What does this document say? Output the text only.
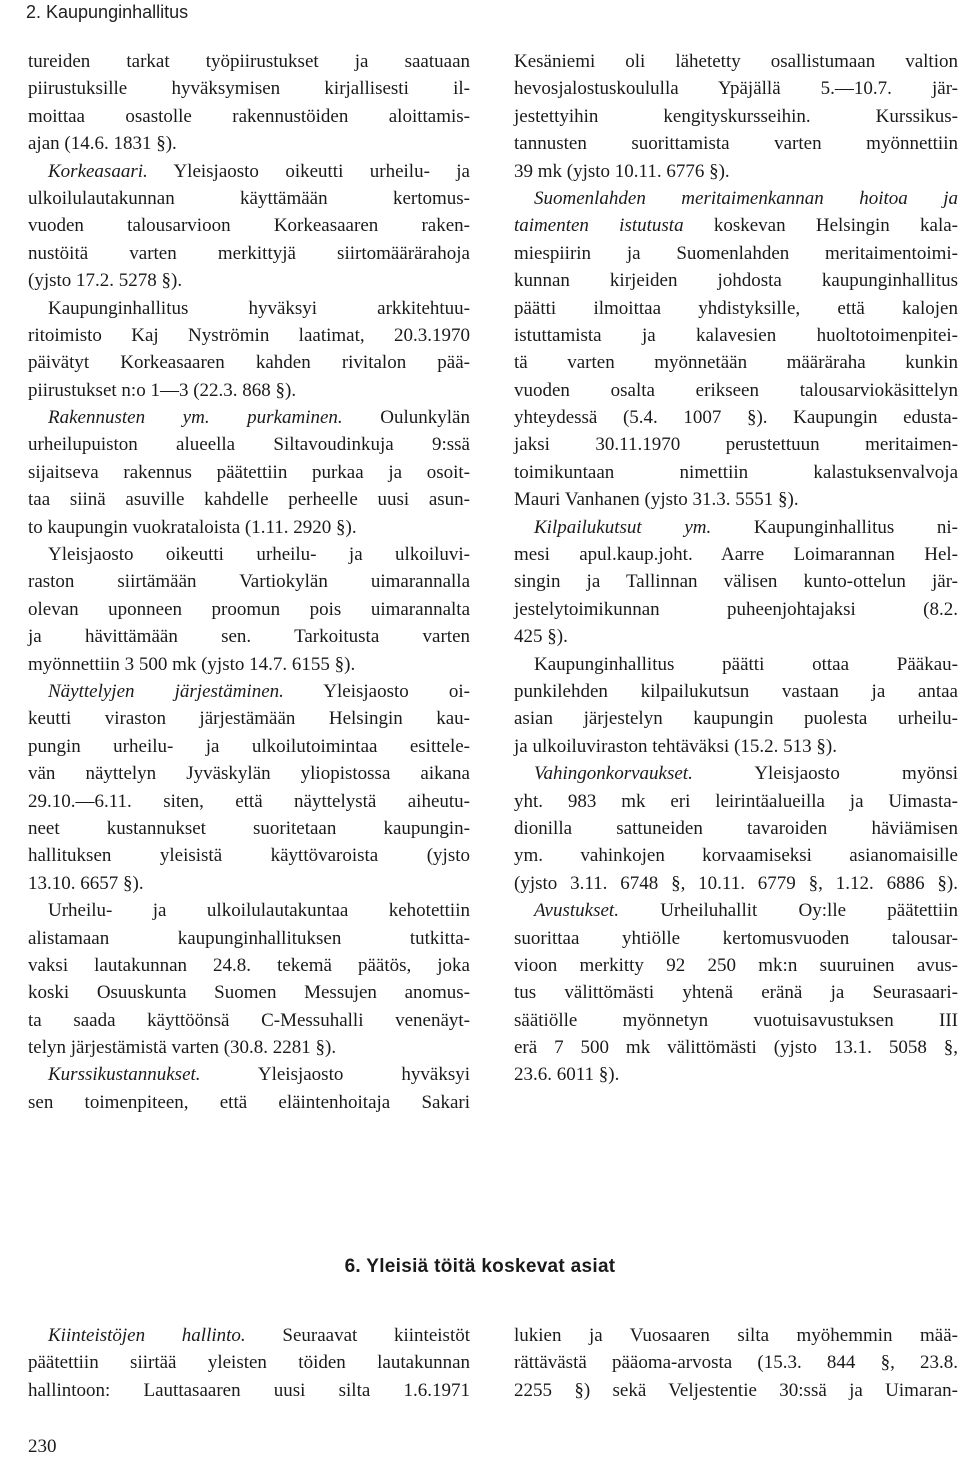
2. Kaupunginhallitus
tureiden tarkat työpiirustukset ja saatuaan
piirustuksille hyväksymisen kirjallisesti il-
moittaa osastolle rakennustöiden aloittamis-
ajan (14.6. 1831 §).
Korkeasaari. Yleisjaosto oikeutti urheilu- ja
ulkoilulautakunnan käyttämään kertomus-
vuoden talousarvioon Korkeasaaren raken-
nustöitä varten merkittyjä siirtomäärärahoja
(yjsto 17.2. 5278 §).
Kaupunginhallitus hyväksyi arkkitehtuu-
ritoimisto Kaj Nyströmin laatimat, 20.3.1970
päivätyt Korkeasaaren kahden rivitalon pää-
piirustukset n:o 1—3 (22.3. 868 §).
Rakennusten ym. purkaminen. Oulunkylän
urheilupuiston alueella Siltavoudinkuja 9:ssä
sijaitseva rakennus päätettiin purkaa ja osoit-
taa siinä asuville kahdelle perheelle uusi asun-
to kaupungin vuokrataloista (1.11. 2920 §).
Yleisjaosto oikeutti urheilu- ja ulkoiluvi-
raston siirtämään Vartiokylän uimarannalla
olevan uponneen proomun pois uimarannalta
ja hävittämään sen. Tarkoitusta varten
myönnettiin 3 500 mk (yjsto 14.7. 6155 §).
Näyttelyjen järjestäminen. Yleisjaosto oi-
keutti viraston järjestämään Helsingin kau-
pungin urheilu- ja ulkoilutoimintaa esittele-
vän näyttelyn Jyväskylän yliopistossa aikana
29.10.—6.11. siten, että näyttelystä aiheutu-
neet kustannukset suoritetaan kaupungin-
hallituksen yleisistä käyttövaroista (yjsto
13.10. 6657 §).
Urheilu- ja ulkoilulautakuntaa kehotettiin
alistamaan kaupunginhallituksen tutkitta-
vaksi lautakunnan 24.8. tekemä päätös, joka
koski Osuuskunta Suomen Messujen anomus-
ta saada käyttöönsä C-Messuhalli venenäyt-
telyn järjestämistä varten (30.8. 2281 §).
Kurssikustannukset. Yleisjaosto hyväksyi
sen toimenpiteen, että eläintenhoitaja Sakari
Kesäniemi oli lähetetty osallistumaan valtion
hevosjalostuskoululla Ypäjällä 5.—10.7. jär-
jestettyihin kengityskursseihin. Kurssikus-
tannusten suorittamista varten myönnettiin
39 mk (yjsto 10.11. 6776 §).
Suomenlahden meritaimenkannan hoitoa ja
taimenten istutusta koskevan Helsingin kala-
miespiirin ja Suomenlahden meritaimentoimi-
kunnan kirjeiden johdosta kaupunginhallitus
päätti ilmoittaa yhdistyksille, että kalojen
istuttamista ja kalavesien huoltotoimenpitei-
tä varten myönnetään määräraha kunkin
vuoden osalta erikseen talousarviokäsittelyn
yhteydessä (5.4. 1007 §). Kaupungin edusta-
jaksi 30.11.1970 perustettuun meritaimen-
toimikuntaan nimettiin kalastuksenvalvoja
Mauri Vanhanen (yjsto 31.3. 5551 §).
Kilpailukutsut ym. Kaupunginhallitus ni-
mesi apul.kaup.joht. Aarre Loimarannan Hel-
singin ja Tallinnan välisen kunto-ottelun jär-
jestelytoimikunnan puheenjohtajaksi (8.2.
425 §).
Kaupunginhallitus päätti ottaa Pääkau-
punkilehden kilpailukutsun vastaan ja antaa
asian järjestelyn kaupungin puolesta urheilu-
ja ulkoiluviraston tehtäväksi (15.2. 513 §).
Vahingonkorvaukset. Yleisjaosto myönsi
yht. 983 mk eri leirintäalueilla ja Uimasta-
dionilla sattuneiden tavaroiden häviämisen
ym. vahinkojen korvaamiseksi asianomaisille
(yjsto 3.11. 6748 §, 10.11. 6779 §, 1.12. 6886 §).
Avustukset. Urheiluhallit Oy:lle päätettiin
suorittaa yhtiölle kertomusvuoden talousar-
vioon merkitty 92 250 mk:n suuruinen avus-
tus välittömästi yhtenä eränä ja Seurasaari-
säätiölle myönnetyn vuotuisavustuksen III
erä 7 500 mk välittömästi (yjsto 13.1. 5058 §,
23.6. 6011 §).
6. Yleisiä töitä koskevat asiat
Kiinteistöjen hallinto. Seuraavat kiinteistöt
päätettiin siirtää yleisten töiden lautakunnan
hallintoon: Lauttasaaren uusi silta 1.6.1971
lukien ja Vuosaaren silta myöhemmin mää-
rättävästä pääoma-arvosta (15.3. 844 §, 23.8.
2255 §) sekä Veljestentie 30:ssä ja Uimaran-
230
